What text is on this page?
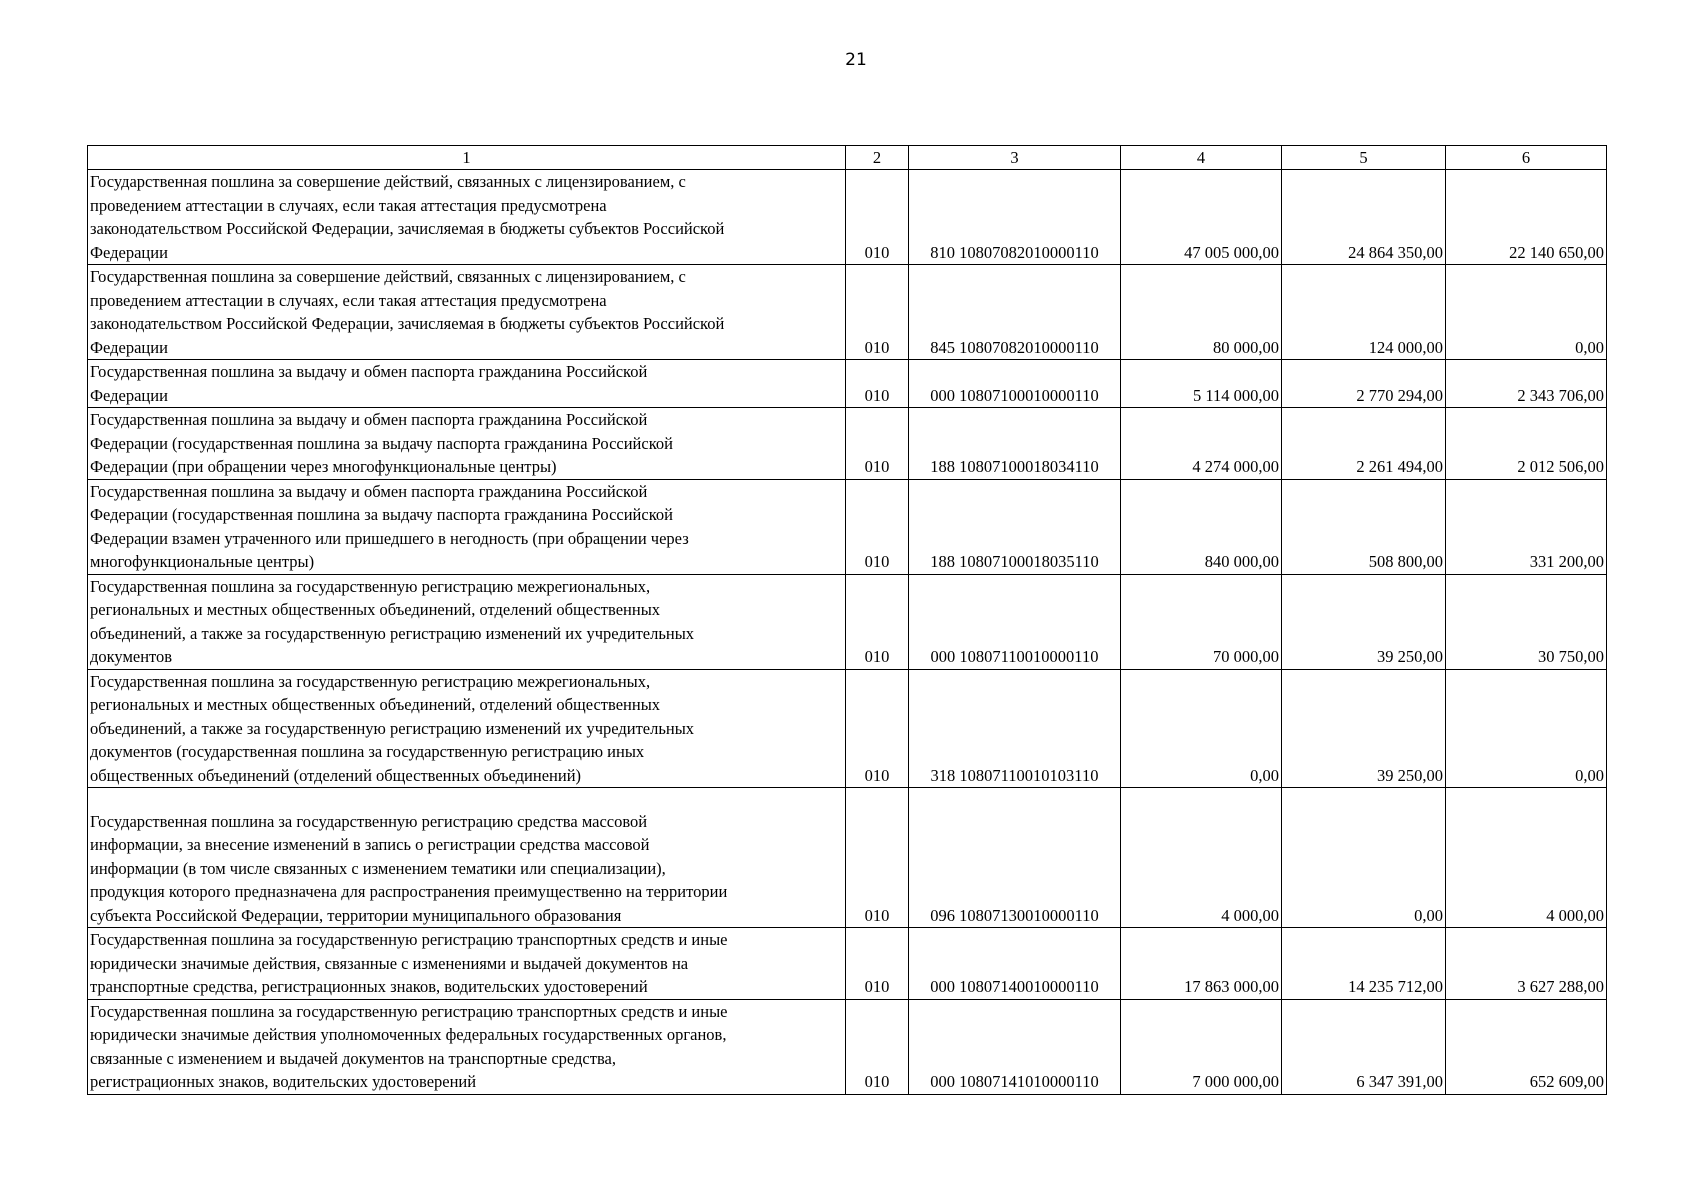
21
1	2	3	4	5	6

Государственная пошлина за совершение действий, связанных с лицензированием, с
проведением аттестации в случаях, если такая аттестация предусмотрена
законодательством Российской Федерации, зачисляемая в бюджеты субъектов Российской
Федерации	010	810 10807082010000110	47 005 000,00	24 864 350,00	22 140 650,00

Государственная пошлина за совершение действий, связанных с лицензированием, с
проведением аттестации в случаях, если такая аттестация предусмотрена
законодательством Российской Федерации, зачисляемая в бюджеты субъектов Российской
Федерации	010	845 10807082010000110	80 000,00	124 000,00	0,00

Государственная пошлина за выдачу и обмен паспорта гражданина Российской
Федерации	010	000 10807100010000110	5 114 000,00	2 770 294,00	2 343 706,00

Государственная пошлина за выдачу и обмен паспорта гражданина Российской
Федерации (государственная пошлина за выдачу паспорта гражданина Российской
Федерации (при обращении через многофункциональные центры)	010	188 10807100018034110	4 274 000,00	2 261 494,00	2 012 506,00

Государственная пошлина за выдачу и обмен паспорта гражданина Российской
Федерации (государственная пошлина за выдачу паспорта гражданина Российской
Федерации взамен утраченного или пришедшего в негодность (при обращении через
многофункциональные центры)	010	188 10807100018035110	840 000,00	508 800,00	331 200,00

Государственная пошлина за государственную регистрацию межрегиональных,
региональных и местных общественных объединений, отделений общественных
объединений, а также за государственную регистрацию изменений их учредительных
документов	010	000 10807110010000110	70 000,00	39 250,00	30 750,00

Государственная пошлина за государственную регистрацию межрегиональных,
региональных и местных общественных объединений, отделений общественных
объединений, а также за государственную регистрацию изменений их учредительных
документов (государственная пошлина за государственную регистрацию иных
общественных объединений (отделений общественных объединений)	010	318 10807110010103110	0,00	39 250,00	0,00

Государственная пошлина за государственную регистрацию средства массовой
информации, за внесение изменений в запись о регистрации средства массовой
информации (в том числе связанных с изменением тематики или специализации),
продукция которого предназначена для распространения преимущественно на территории
субъекта Российской Федерации, территории муниципального образования	010	096 10807130010000110	4 000,00	0,00	4 000,00

Государственная пошлина за государственную регистрацию транспортных средств и иные
юридически значимые действия, связанные с изменениями и выдачей документов на
транспортные средства, регистрационных знаков, водительских удостоверений	010	000 10807140010000110	17 863 000,00	14 235 712,00	3 627 288,00

Государственная пошлина за государственную регистрацию транспортных средств и иные
юридически значимые действия уполномоченных федеральных государственных органов,
связанные с изменением и выдачей документов на транспортные средства,
регистрационных знаков, водительских удостоверений	010	000 10807141010000110	7 000 000,00	6 347 391,00	652 609,00
